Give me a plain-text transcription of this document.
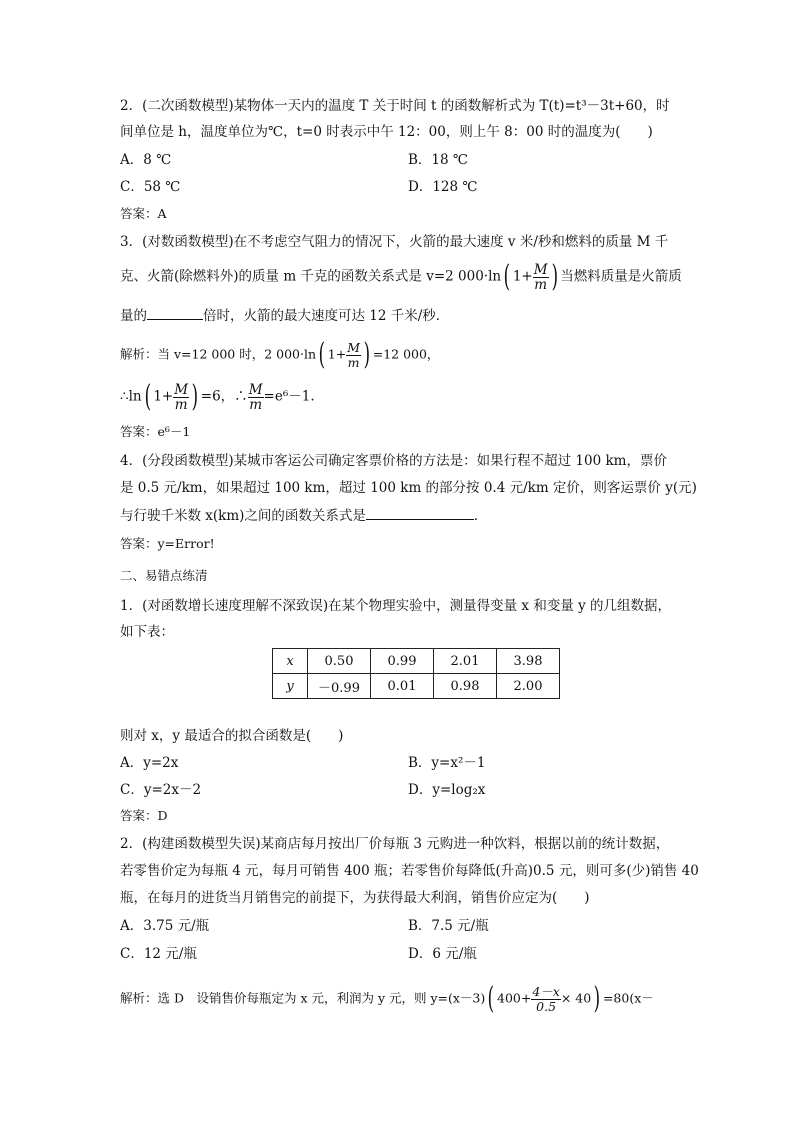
2．(二次函数模型)某物体一天内的温度 T 关于时间 t 的函数解析式为 T(t)=t³－3t+60，时
间单位是 h，温度单位为℃，t=0 时表示中午 12：00，则上午 8：00 时的温度为(　　)
A．8 ℃	B．18 ℃
C．58 ℃	D．128 ℃
答案：A
3．(对数函数模型)在不考虑空气阻力的情况下，火箭的最大速度 v 米/秒和燃料的质量 M 千
克、火箭(除燃料外)的质量 m 千克的函数关系式是 v=2 000·ln( $1+ \frac{M}{m}$ ) 当燃料质量是火箭质
量的	倍时，火箭的最大速度可达 12 千米/秒．
解析：当 v=12 000 时，2 000·ln( $1+ \frac{M}{m}$ ) =12 000，
∴ln( $1+ \frac{M}{m}$ ) =6，∴ $\frac{M}{m} =e^6-1$.
答案：e⁶－1
4．(分段函数模型)某城市客运公司确定客票价格的方法是：如果行程不超过 100 km，票价
是 0.5 元/km，如果超过 100 km，超过 100 km 的部分按 0.4 元/km 定价，则客运票价 y(元)
与行驶千米数 x(km)之间的函数关系式是	．
答案：y=Error!
二、易错点练清
1．(对函数增长速度理解不深致误)在某个物理实验中，测量得变量 x 和变量 y 的几组数据，
如下表：
x	0.50	0.99	2.01	3.98
y	－0.99	0.01	0.98	2.00
则对 x，y 最适合的拟合函数是(　　)
A．y=2x	B．y=x²－1
C．y=2x－2	D．y=log₂x
答案：D
2．(构建函数模型失误)某商店每月按出厂价每瓶 3 元购进一种饮料，根据以前的统计数据，
若零售价定为每瓶 4 元，每月可销售 400 瓶；若零售价每降低(升高)0.5 元，则可多(少)销售 40
瓶，在每月的进货当月销售完的前提下，为获得最大利润，销售价应定为(　　)
A．3.75 元/瓶	B．7.5 元/瓶
C．12 元/瓶	D．6 元/瓶
解析：选 D　设销售价每瓶定为 x 元，利润为 y 元，则 y=(x－3)( $400+ \frac{4-x}{0.5} \times 40) =80(x-$
